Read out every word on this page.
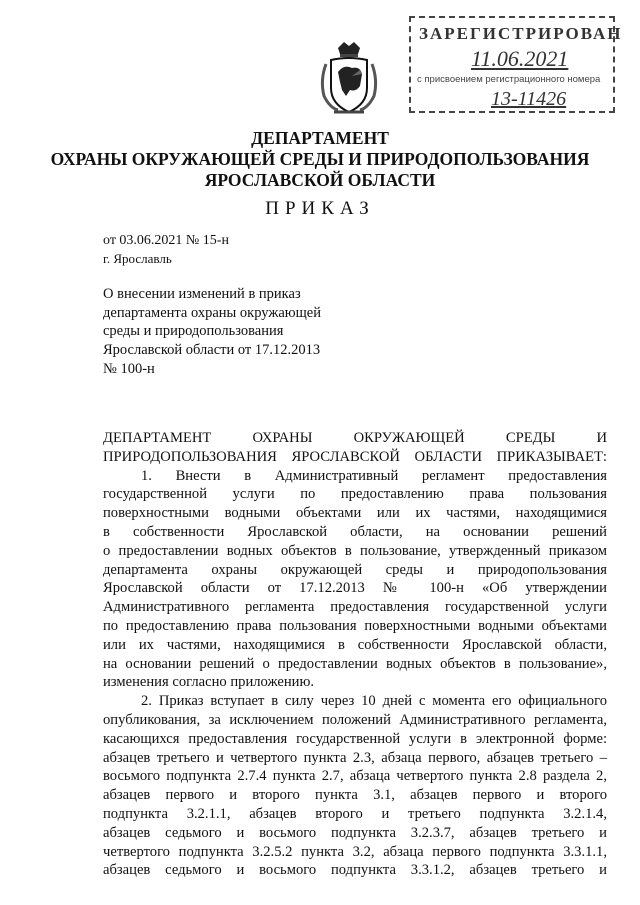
ЗАРЕГИСТРИРОВАН
11.06.2021
с присвоением регистрационного номера
13-11426
ДЕПАРТАМЕНТ
ОХРАНЫ ОКРУЖАЮЩЕЙ СРЕДЫ И ПРИРОДОПОЛЬЗОВАНИЯ
ЯРОСЛАВСКОЙ ОБЛАСТИ
ПРИКАЗ
от 03.06.2021 № 15-н
г. Ярославль
О внесении изменений в приказ
департамента охраны окружающей
среды и природопользования
Ярославской области от 17.12.2013
№ 100-н
ДЕПАРТАМЕНТ ОХРАНЫ ОКРУЖАЮЩЕЙ СРЕДЫ И
ПРИРОДОПОЛЬЗОВАНИЯ ЯРОСЛАВСКОЙ ОБЛАСТИ ПРИКАЗЫВАЕТ:
1. Внести в Административный регламент предоставления
государственной услуги по предоставлению права пользования
поверхностными водными объектами или их частями, находящимися
в собственности Ярославской области, на основании решений
о предоставлении водных объектов в пользование, утвержденный приказом
департамента охраны окружающей среды и природопользования
Ярославской области от 17.12.2013 № 100-н «Об утверждении
Административного регламента предоставления государственной услуги
по предоставлению права пользования поверхностными водными объектами
или их частями, находящимися в собственности Ярославской области,
на основании решений о предоставлении водных объектов в пользование»,
изменения согласно приложению.
2. Приказ вступает в силу через 10 дней с момента его официального
опубликования, за исключением положений Административного регламента,
касающихся предоставления государственной услуги в электронной форме:
абзацев третьего и четвертого пункта 2.3, абзаца первого, абзацев третьего –
восьмого подпункта 2.7.4 пункта 2.7, абзаца четвертого пункта 2.8 раздела 2,
абзацев первого и второго пункта 3.1, абзацев первого и второго
подпункта 3.2.1.1, абзацев второго и третьего подпункта 3.2.1.4,
абзацев седьмого и восьмого подпункта 3.2.3.7, абзацев третьего и
четвертого подпункта 3.2.5.2 пункта 3.2, абзаца первого подпункта 3.3.1.1,
абзацев седьмого и восьмого подпункта 3.3.1.2, абзацев третьего и
